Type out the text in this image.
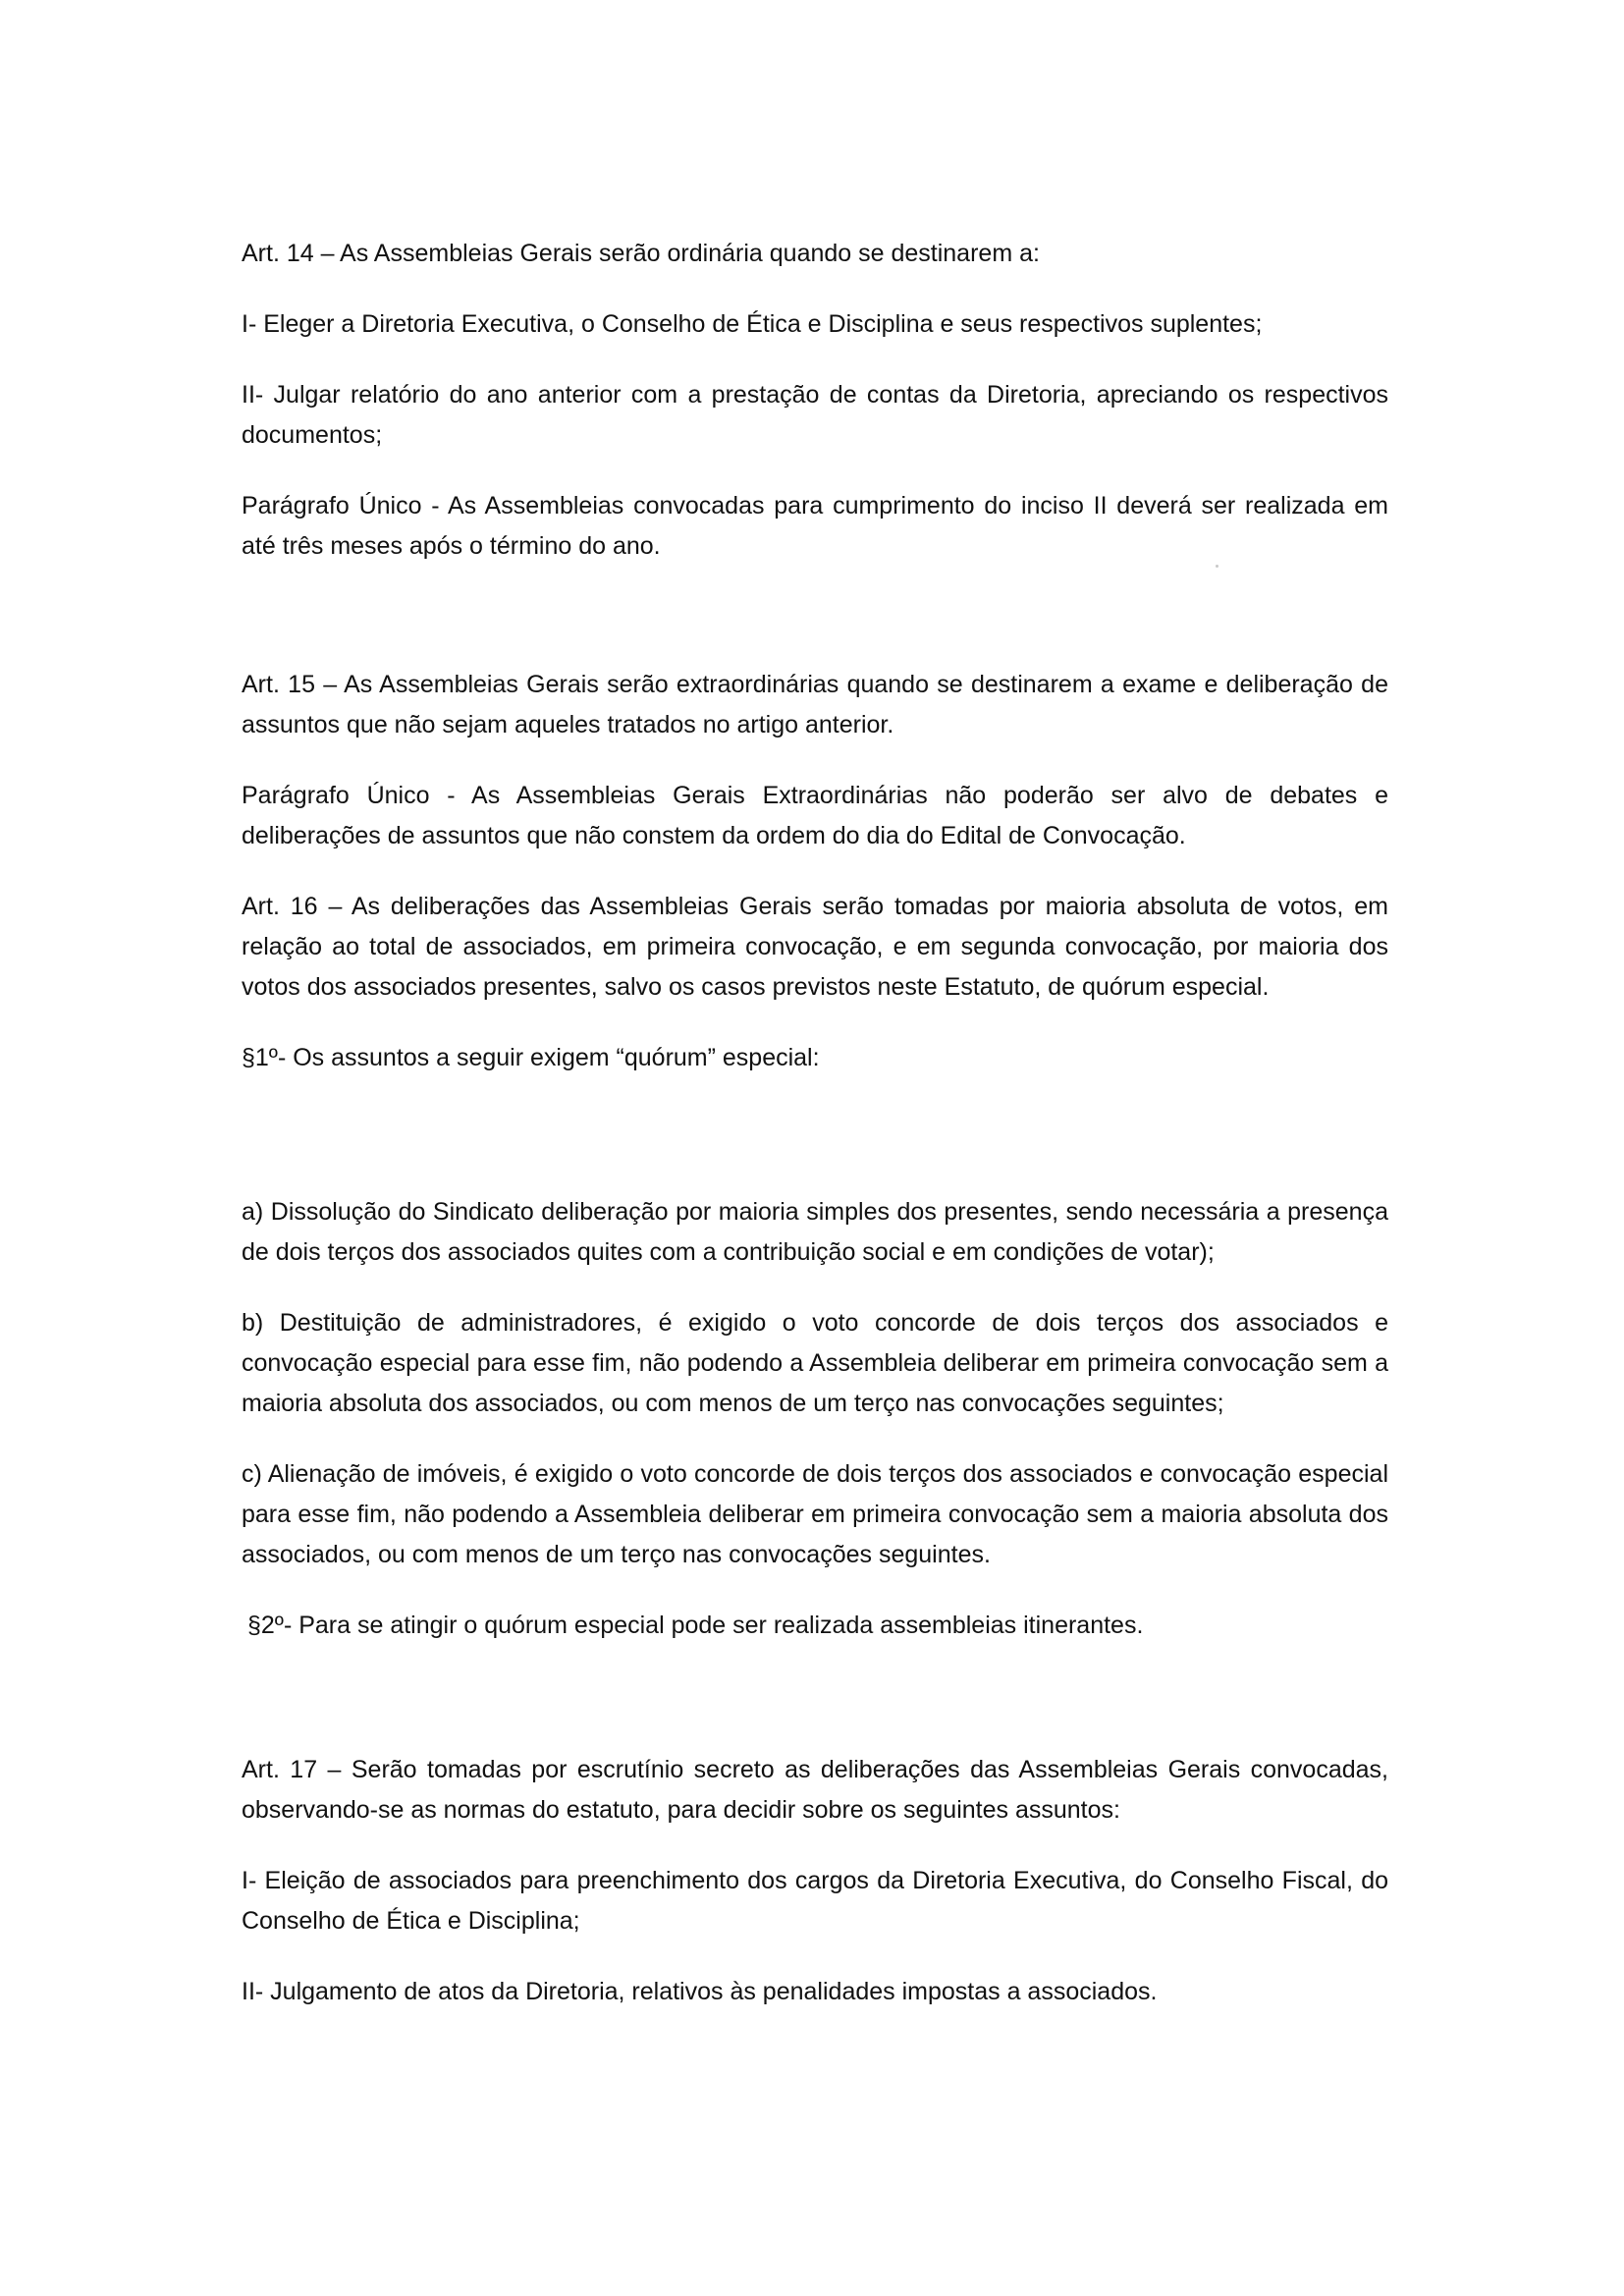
Art. 14 – As Assembleias Gerais serão ordinária quando se destinarem a:

I- Eleger a Diretoria Executiva, o Conselho de Ética e Disciplina e seus respectivos suplentes;

II- Julgar relatório do ano anterior com a prestação de contas da Diretoria, apreciando os respectivos documentos;

Parágrafo Único - As Assembleias convocadas para cumprimento do inciso II deverá ser realizada em até três meses após o término do ano.

Art. 15 – As Assembleias Gerais serão extraordinárias quando se destinarem a exame e deliberação de assuntos que não sejam aqueles tratados no artigo anterior.

Parágrafo Único - As Assembleias Gerais Extraordinárias não poderão ser alvo de debates e deliberações de assuntos que não constem da ordem do dia do Edital de Convocação.

Art. 16 – As deliberações das Assembleias Gerais serão tomadas por maioria absoluta de votos, em relação ao total de associados, em primeira convocação, e em segunda convocação, por maioria dos votos dos associados presentes, salvo os casos previstos neste Estatuto, de quórum especial.

§1º- Os assuntos a seguir exigem “quórum” especial:

a) Dissolução do Sindicato deliberação por maioria simples dos presentes, sendo necessária a presença de dois terços dos associados quites com a contribuição social e em condições de votar);

b) Destituição de administradores, é exigido o voto concorde de dois terços dos associados e convocação especial para esse fim, não podendo a Assembleia deliberar em primeira convocação sem a maioria absoluta dos associados, ou com menos de um terço nas convocações seguintes;

c) Alienação de imóveis, é exigido o voto concorde de dois terços dos associados e convocação especial para esse fim, não podendo a Assembleia deliberar em primeira convocação sem a maioria absoluta dos associados, ou com menos de um terço nas convocações seguintes.

§2º- Para se atingir o quórum especial pode ser realizada assembleias itinerantes.

Art. 17 – Serão tomadas por escrutínio secreto as deliberações das Assembleias Gerais convocadas, observando-se as normas do estatuto, para decidir sobre os seguintes assuntos:

I- Eleição de associados para preenchimento dos cargos da Diretoria Executiva, do Conselho Fiscal, do Conselho de Ética e Disciplina;

II- Julgamento de atos da Diretoria, relativos às penalidades impostas a associados.
